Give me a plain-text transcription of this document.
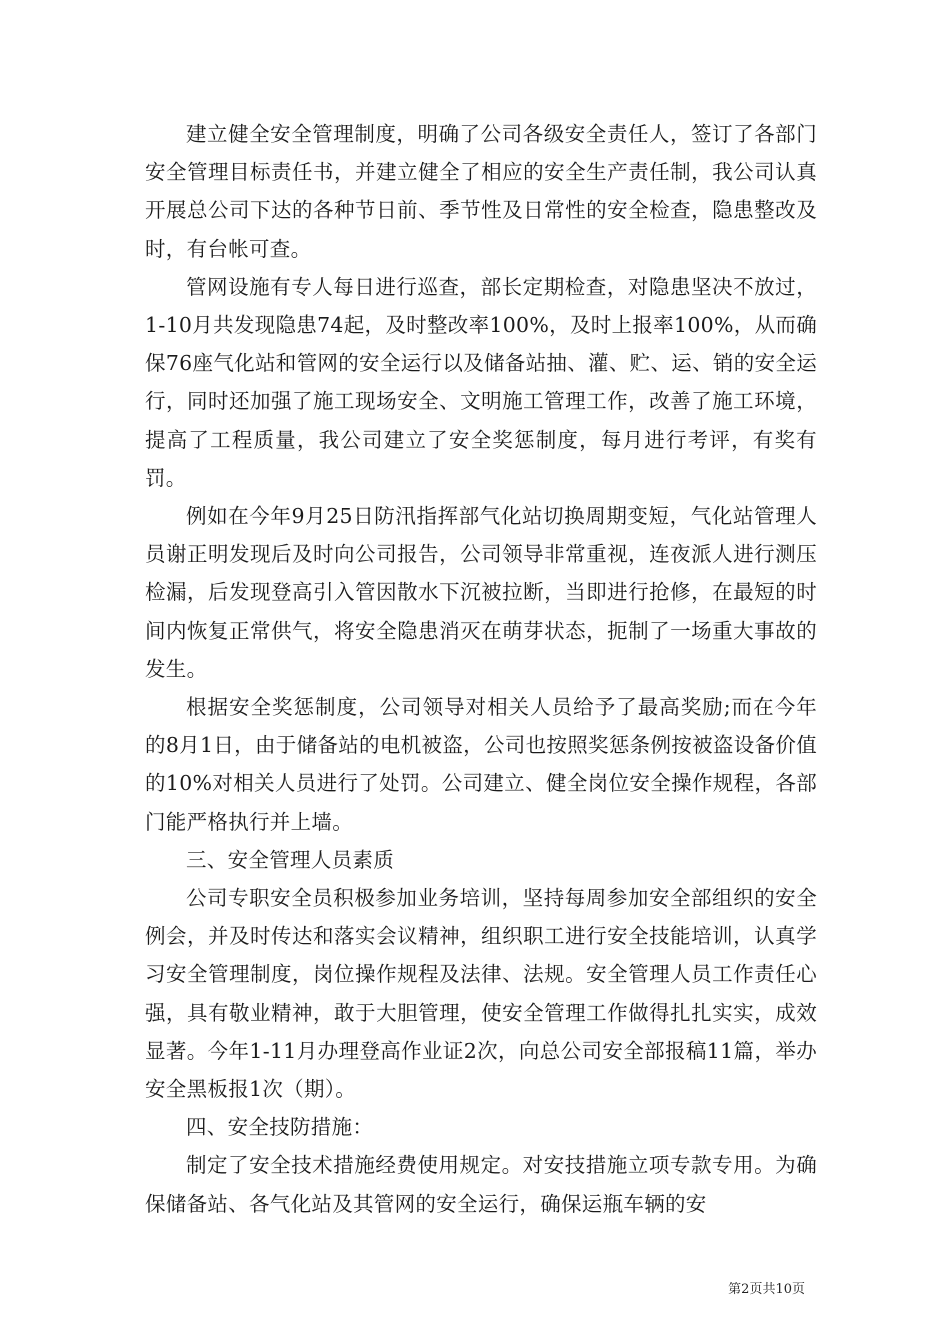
建立健全安全管理制度，明确了公司各级安全责任人，签订了各部门安全管理目标责任书，并建立健全了相应的安全生产责任制，我公司认真开展总公司下达的各种节日前、季节性及日常性的安全检查，隐患整改及时，有台帐可查。

管网设施有专人每日进行巡查，部长定期检查，对隐患坚决不放过，1-10月共发现隐患74起，及时整改率100%，及时上报率100%，从而确保76座气化站和管网的安全运行以及储备站抽、灌、贮、运、销的安全运行，同时还加强了施工现场安全、文明施工管理工作，改善了施工环境，提高了工程质量，我公司建立了安全奖惩制度，每月进行考评，有奖有罚。

例如在今年9月25日防汛指挥部气化站切换周期变短，气化站管理人员谢正明发现后及时向公司报告，公司领导非常重视，连夜派人进行测压检漏，后发现登高引入管因散水下沉被拉断，当即进行抢修，在最短的时间内恢复正常供气，将安全隐患消灭在萌芽状态，扼制了一场重大事故的发生。

根据安全奖惩制度，公司领导对相关人员给予了最高奖励;而在今年的8月1日，由于储备站的电机被盗，公司也按照奖惩条例按被盗设备价值的10%对相关人员进行了处罚。公司建立、健全岗位安全操作规程，各部门能严格执行并上墙。

三、安全管理人员素质

公司专职安全员积极参加业务培训，坚持每周参加安全部组织的安全例会，并及时传达和落实会议精神，组织职工进行安全技能培训，认真学习安全管理制度，岗位操作规程及法律、法规。安全管理人员工作责任心强，具有敬业精神，敢于大胆管理，使安全管理工作做得扎扎实实，成效显著。今年1-11月办理登高作业证2次，向总公司安全部报稿11篇，举办安全黑板报1次（期）。

四、安全技防措施：

制定了安全技术措施经费使用规定。对安技措施立项专款专用。为确保储备站、各气化站及其管网的安全运行，确保运瓶车辆的安

第2页共10页
